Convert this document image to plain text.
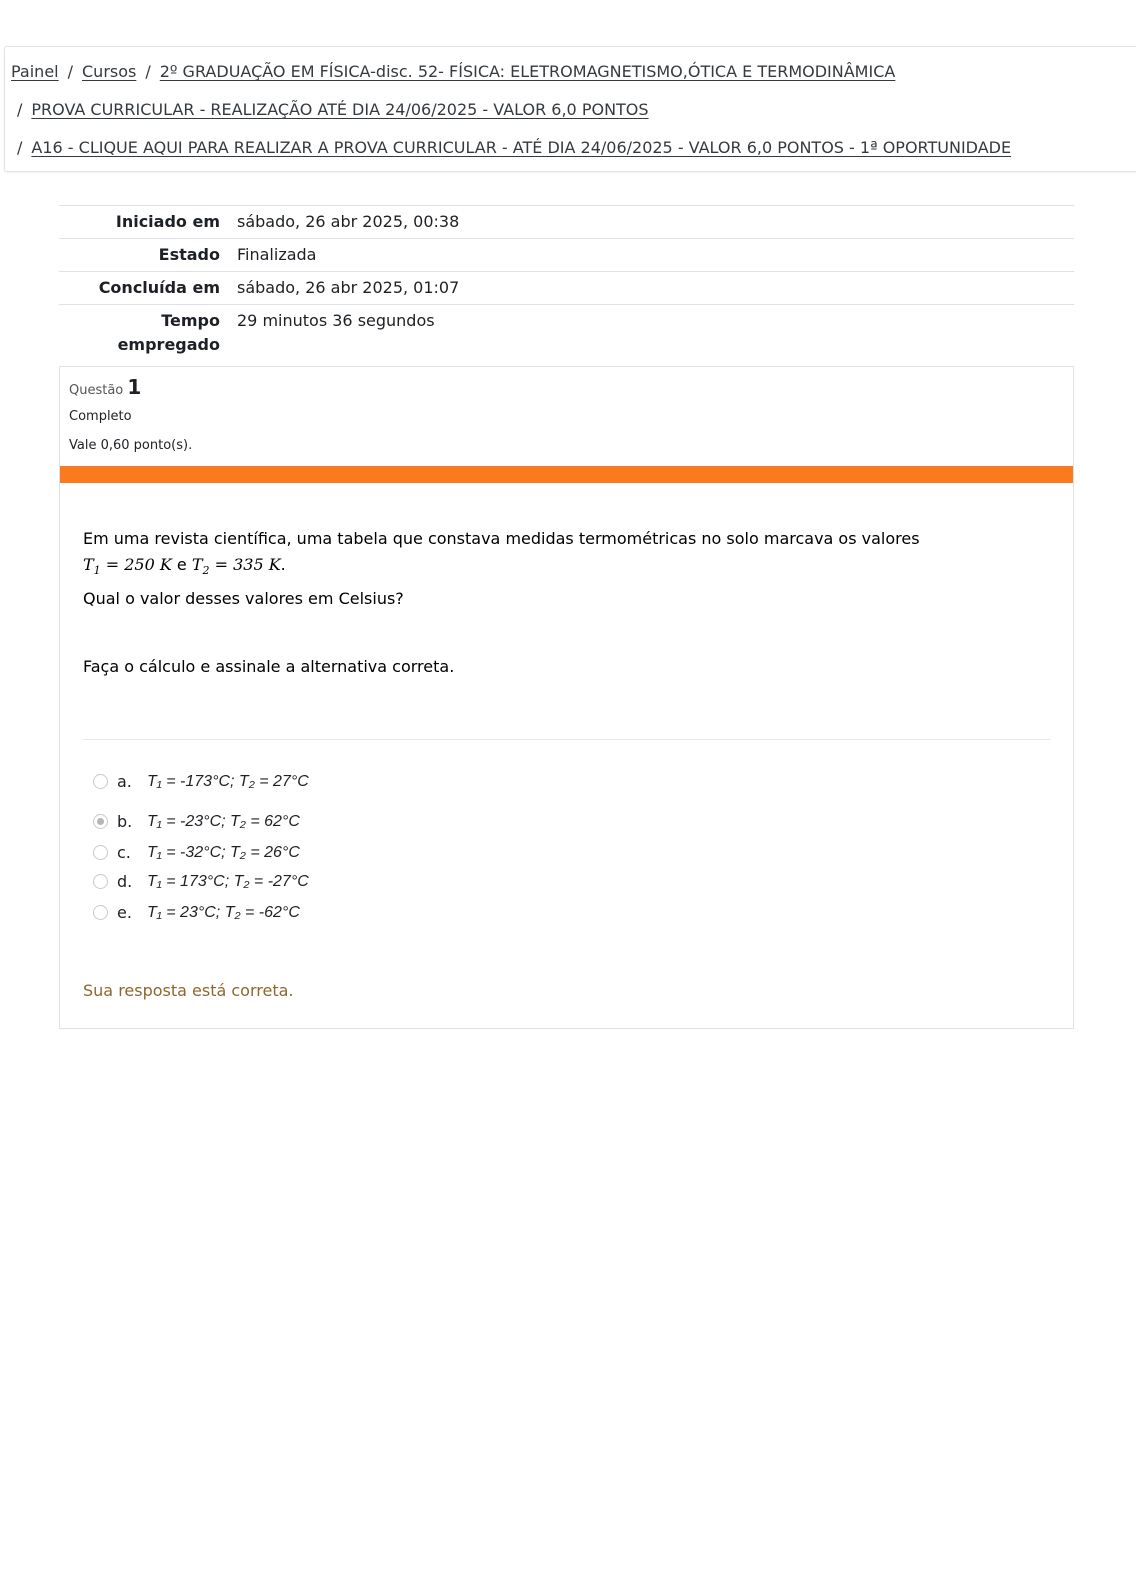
Painel / Cursos / 2º GRADUAÇÃO EM FÍSICA-disc. 52- FÍSICA: ELETROMAGNETISMO,ÓTICA E TERMODINÂMICA
/ PROVA CURRICULAR - REALIZAÇÃO ATÉ DIA 24/06/2025 - VALOR 6,0 PONTOS
/ A16 - CLIQUE AQUI PARA REALIZAR A PROVA CURRICULAR - ATÉ DIA 24/06/2025 - VALOR 6,0 PONTOS - 1ª OPORTUNIDADE
Iniciado em	sábado, 26 abr 2025, 00:38
Estado	Finalizada
Concluída em	sábado, 26 abr 2025, 01:07
Tempo
empregado	29 minutos 36 segundos
Questão 1
Completo
Vale 0,60 ponto(s).
Em uma revista científica, uma tabela que constava medidas termométricas no solo marcava os valores
$T_1 = 250$ K e $T_2 = 335$ K.
Qual o valor desses valores em Celsius?
Faça o cálculo e assinale a alternativa correta.
a. T₁ = -173°C; T₂ = 27°C
b. T₁ = -23°C; T₂ = 62°C
c. T₁ = -32°C; T₂ = 26°C
d. T₁ = 173°C; T₂ = -27°C
e. T₁ = 23°C; T₂ = -62°C
Sua resposta está correta.
